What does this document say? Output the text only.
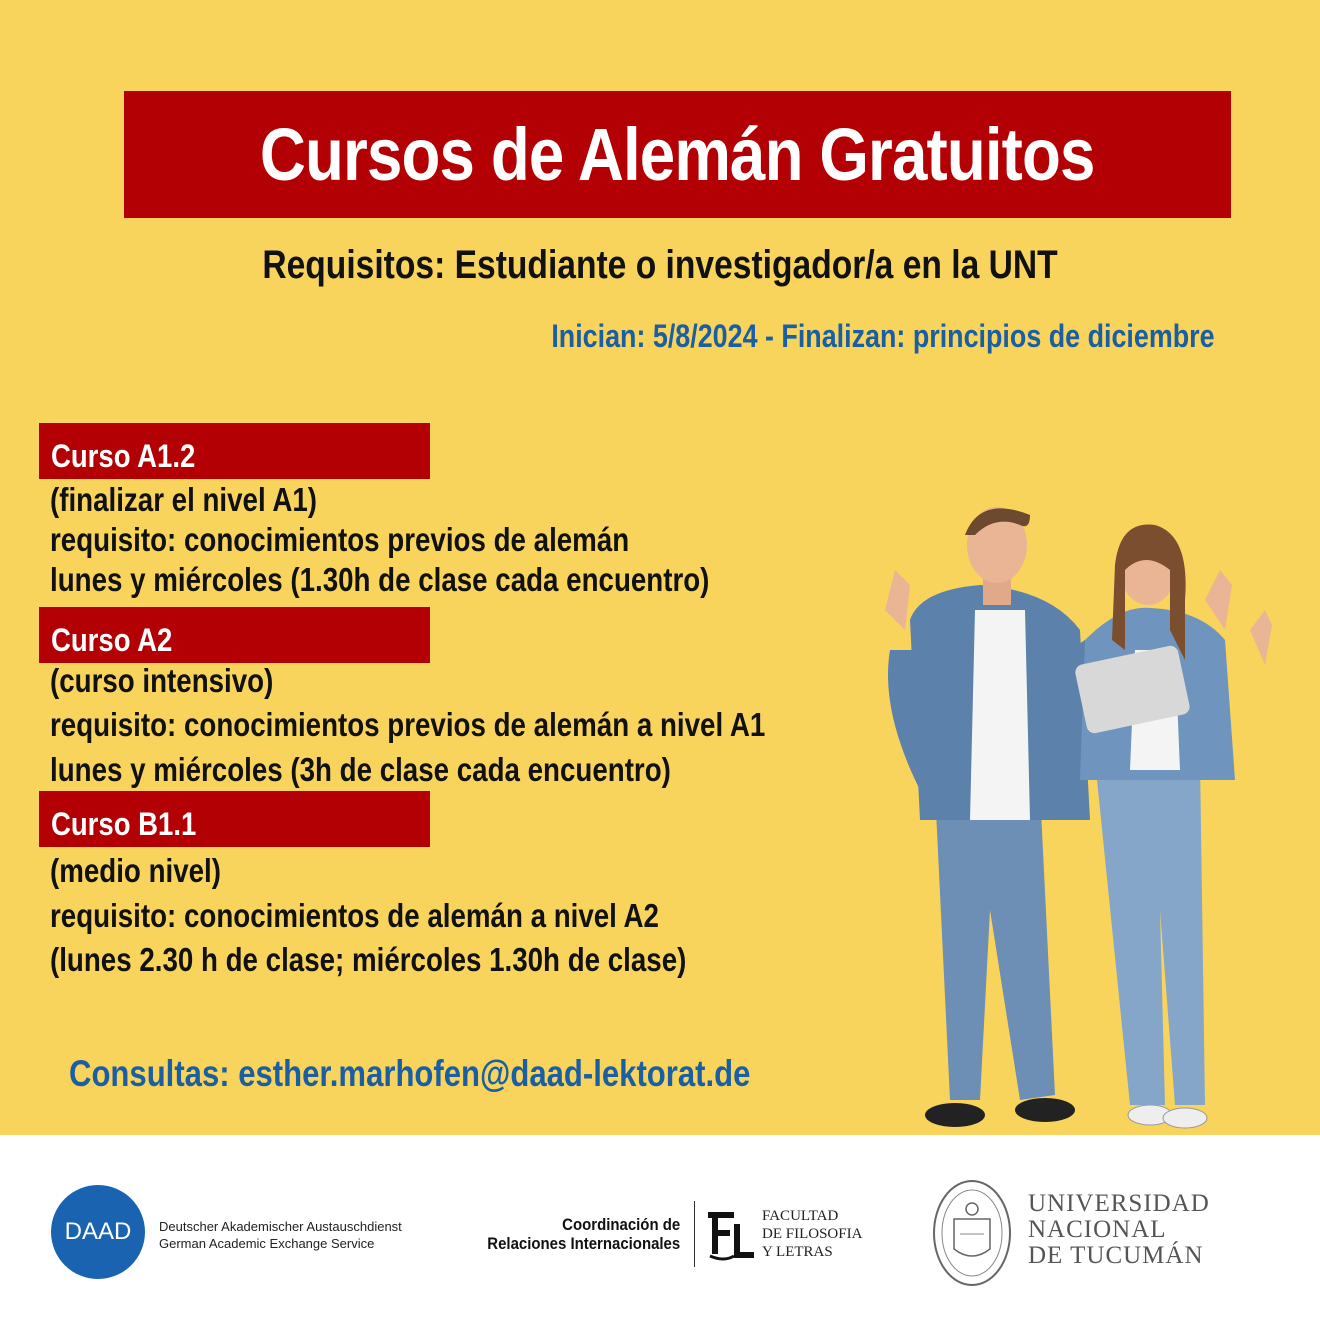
Cursos de Alemán Gratuitos
Requisitos: Estudiante o investigador/a en la UNT
Inician: 5/8/2024 - Finalizan: principios de diciembre
Curso A1.2
(finalizar el nivel A1)
requisito: conocimientos previos de alemán
lunes y miércoles (1.30h de clase cada encuentro)
Curso A2
(curso intensivo)
requisito: conocimientos previos de alemán a nivel A1
lunes y miércoles (3h de clase cada encuentro)
Curso B1.1
(medio nivel)
requisito: conocimientos de alemán a nivel A2
(lunes 2.30 h de clase; miércoles 1.30h de clase)
Consultas: esther.marhofen@daad-lektorat.de
DAAD Deutscher Akademischer Austauschdienst
German Academic Exchange Service
Coordinación de
Relaciones Internacionales
FACULTAD
DE FILOSOFIA
Y LETRAS
UNIVERSIDAD
NACIONAL
DE TUCUMÁN
